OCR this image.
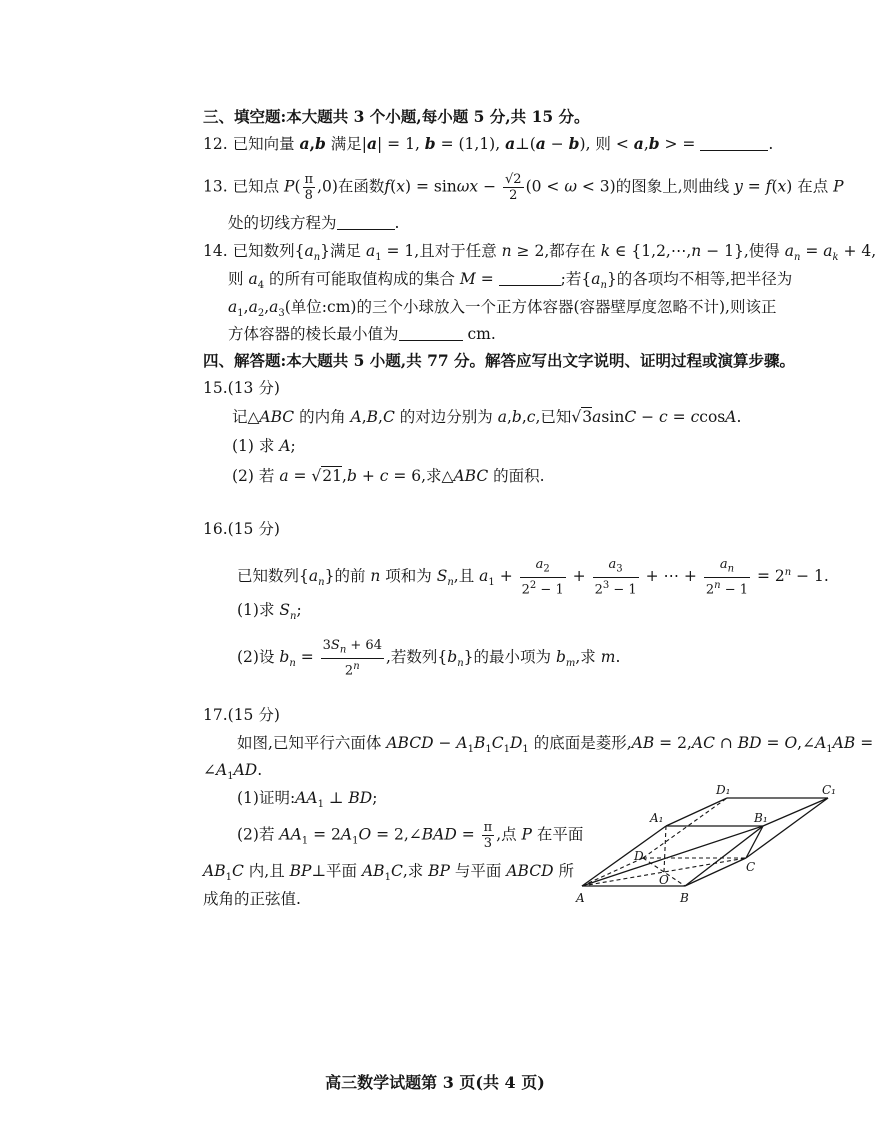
三、填空题:本大题共 3 个小题,每小题 5 分,共 15 分。
12. 已知向量 a,b 满足|a| = 1, b = (1,1), a⊥(a − b), 则 < a,b > =	.
13. 已知点 $P( \frac{\pi}{8} ,0)$在函数$f(x) = \sin\omega x - \frac{√2}{2} (0 < \omega < 3)$的图象上,则曲线 y = f(x) 在点 P
处的切线方程为	.
14. 已知数列$\{a_n\}$满足 $a_1 = 1$,且对于任意 n ≥ 2,都存在 k ∈ {1,2,⋯,n − 1},使得 $a_n = a_k + 4$,
则 $a_4$ 的所有可能取值构成的集合 M =	;若$\{a_n\}$的各项均不相等,把半径为
$a_1,a_2,a_3$(单位:cm)的三个小球放入一个正方体容器(容器壁厚度忽略不计),则该正
方体容器的棱长最小值为	cm.
四、解答题:本大题共 5 小题,共 77 分。解答应写出文字说明、证明过程或演算步骤。
15.(13 分)
记△ABC 的内角 A,B,C 的对边分别为 a,b,c,已知√3asinC − c = ccosA.
(1) 求 A;
(2) 若 a = √21,b + c = 6,求△ABC 的面积.
16.(15 分)
已知数列$\{a_n\}$的前 n 项和为 $S_n$,且 $a_1 + \frac{a_2}{2^2 - 1} + \frac{a_3}{2^3 - 1}$ + ⋯ + $\frac{a_n}{2^n - 1} = 2^n - 1$.
(1)求 $S_n$;
(2)设 $b_n = \frac{3S_n + 64}{2^n}$ ,若数列$\{b_n\}$的最小项为 $b_m$,求 m.
17.(15 分)
如图,已知平行六面体 ABCD − $A_1B_1C_1D_1$ 的底面是菱形,AB = 2,AC ∩ BD = $O,\angle A_1AB$ =
$\angle A_1AD$.
(1)证明$:AA_1$ ⊥ BD;
(2)若 $AA_1 = 2A_1O$ = 2,∠BAD = $\frac{\pi}{3}$ ,点 P 在平面
$AB_1C$ 内,且 BP⊥平面 $AB_1C$,求 BP 与平面 ABCD 所
成角的正弦值.
D₁	C₁
A₁	B₁
D
C
O
A	B
高三数学试题第 3 页(共 4 页)
